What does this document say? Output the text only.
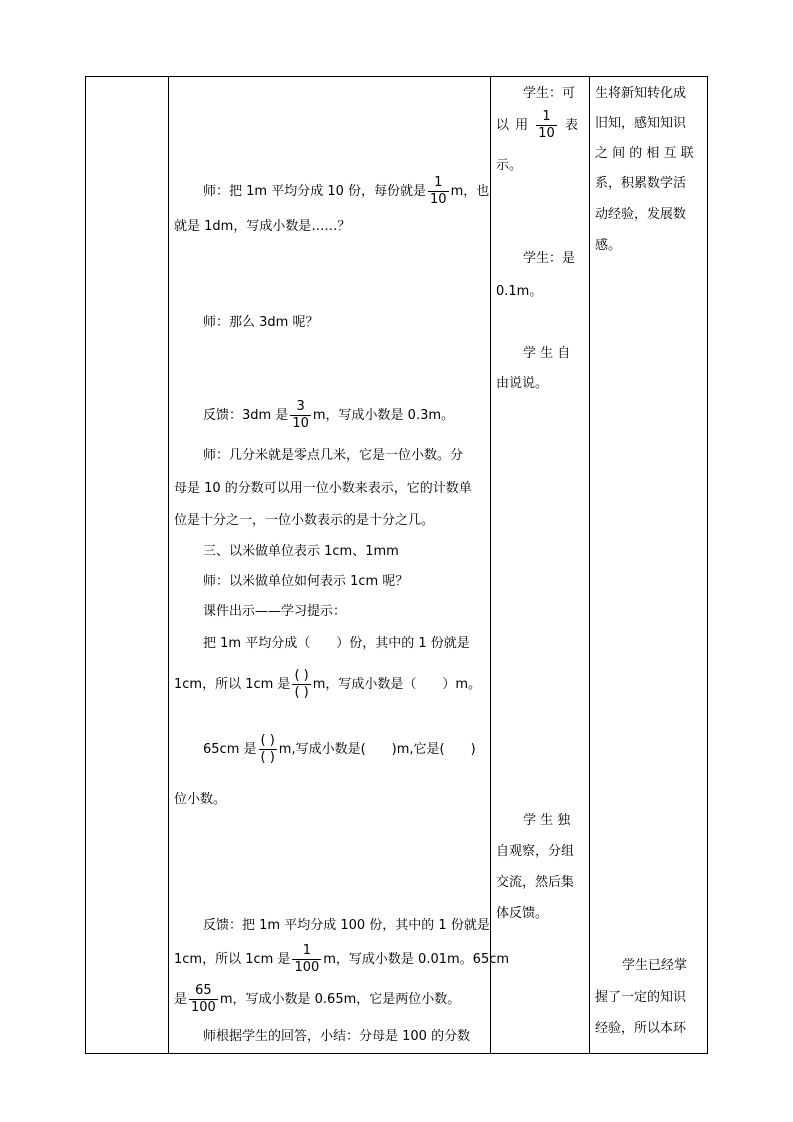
师：把 1m 平均分成 10 份，每份就是 $\frac{1}{10}$ m，也
就是 1dm，写成小数是……？
师：那么 3dm 呢？
反馈：3dm 是 $\frac{3}{10}$ m，写成小数是 0.3m。
师：几分米就是零点几米，它是一位小数。分
母是 10 的分数可以用一位小数来表示，它的计数单
位是十分之一，一位小数表示的是十分之几。
三、以米做单位表示 1cm、1mm
师：以米做单位如何表示 1cm 呢？
课件出示——学习提示：
把 1m 平均分成（　　）份，其中的 1 份就是
1cm，所以 1cm 是 $\frac{( )}{( )}$ m，写成小数是（　　）m。
65cm 是 $\frac{( )}{( )} m$,写成小数是(　　)m,它是(　　)
位小数。
反馈：把 1m 平均分成 100 份，其中的 1 份就是
1cm，所以 1cm 是 $\frac{1}{100}$ m，写成小数是 0.01m。65cm
是 $\frac{65}{100}$ m，写成小数是 0.65m，它是两位小数。
师根据学生的回答，小结：分母是 100 的分数
学生：可
以 用 $\frac{1}{10}$ 表
示。
学生：是
0.1m。
学 生 自
由说说。
学 生 独
自观察，分组
交流，然后集
体反馈。
生将新知转化成
旧知，感知知识
之 间 的 相 互 联
系，积累数学活
动经验，发展数
感。
学生已经掌
握了一定的知识
经验，所以本环
